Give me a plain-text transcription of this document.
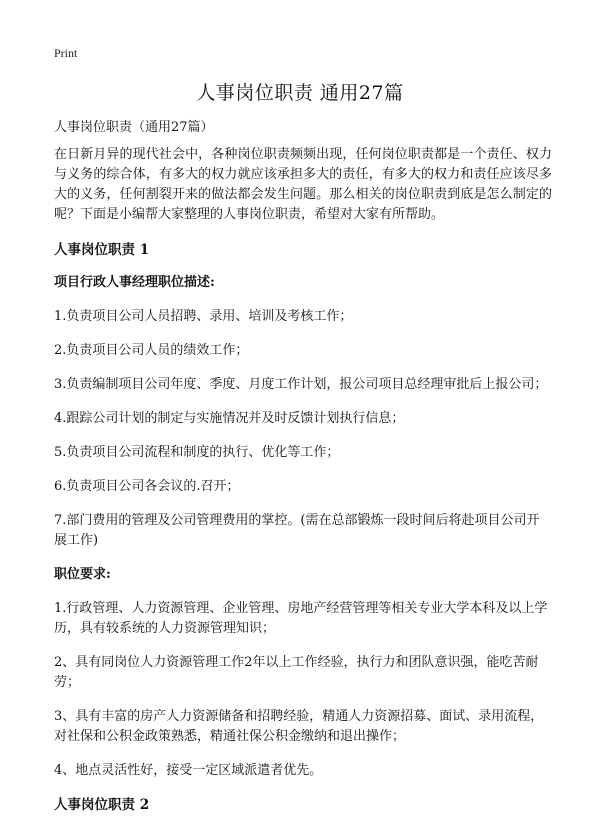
Print
人事岗位职责 通用27篇

人事岗位职责（通用27篇）

在日新月异的现代社会中，各种岗位职责频频出现，任何岗位职责都是一个责任、权力与义务的综合体，有多大的权力就应该承担多大的责任，有多大的权力和责任应该尽多大的义务，任何割裂开来的做法都会发生问题。那么相关的岗位职责到底是怎么制定的呢？下面是小编帮大家整理的人事岗位职责，希望对大家有所帮助。

人事岗位职责 1

项目行政人事经理职位描述:

1.负责项目公司人员招聘、录用、培训及考核工作；

2.负责项目公司人员的绩效工作；

3.负责编制项目公司年度、季度、月度工作计划，报公司项目总经理审批后上报公司；

4.跟踪公司计划的制定与实施情况并及时反馈计划执行信息；

5.负责项目公司流程和制度的执行、优化等工作；

6.负责项目公司各会议的.召开；

7.部门费用的管理及公司管理费用的掌控。(需在总部锻炼一段时间后将赴项目公司开展工作)

职位要求:

1.行政管理、人力资源管理、企业管理、房地产经营管理等相关专业大学本科及以上学历，具有较系统的人力资源管理知识；

2、具有同岗位人力资源管理工作2年以上工作经验，执行力和团队意识强，能吃苦耐劳；

3、具有丰富的房产人力资源储备和招聘经验，精通人力资源招募、面试、录用流程，对社保和公积金政策熟悉，精通社保公积金缴纳和退出操作；

4、地点灵活性好，接受一定区域派遣者优先。

人事岗位职责 2
